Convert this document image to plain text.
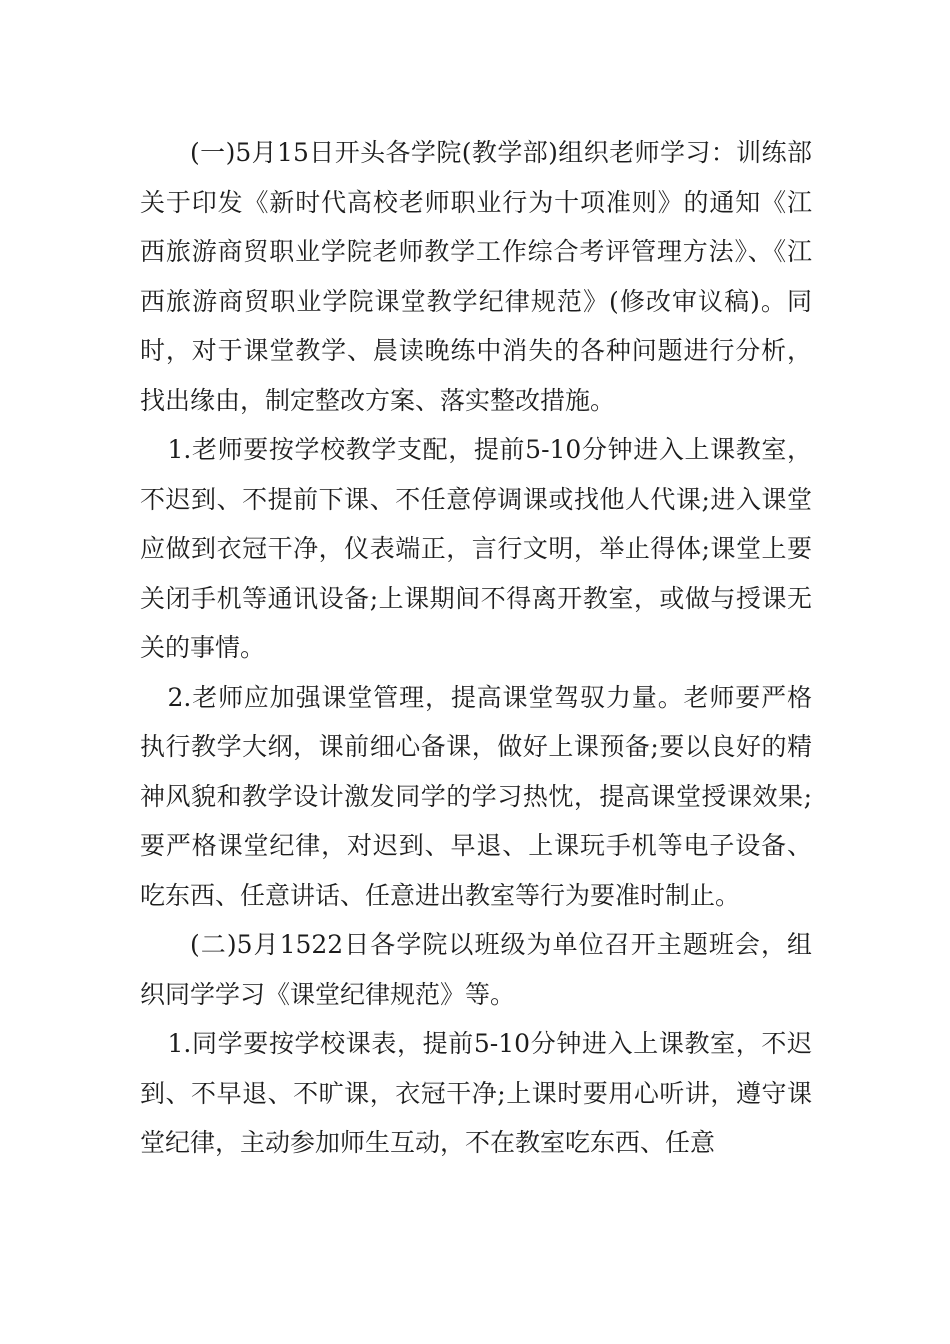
(一)5月15日开头各学院(教学部)组织老师学习：训练部关于印发《新时代高校老师职业行为十项准则》的通知《江西旅游商贸职业学院老师教学工作综合考评管理方法》、《江西旅游商贸职业学院课堂教学纪律规范》(修改审议稿)。同时，对于课堂教学、晨读晚练中消失的各种问题进行分析，找出缘由，制定整改方案、落实整改措施。

1.老师要按学校教学支配，提前5-10分钟进入上课教室，不迟到、不提前下课、不任意停调课或找他人代课;进入课堂应做到衣冠干净，仪表端正，言行文明，举止得体;课堂上要关闭手机等通讯设备;上课期间不得离开教室，或做与授课无关的事情。

2.老师应加强课堂管理，提高课堂驾驭力量。老师要严格执行教学大纲，课前细心备课，做好上课预备;要以良好的精神风貌和教学设计激发同学的学习热忱，提高课堂授课效果;要严格课堂纪律，对迟到、早退、上课玩手机等电子设备、吃东西、任意讲话、任意进出教室等行为要准时制止。

(二)5月1522日各学院以班级为单位召开主题班会，组织同学学习《课堂纪律规范》等。

1.同学要按学校课表，提前5-10分钟进入上课教室，不迟到、不早退、不旷课，衣冠干净;上课时要用心听讲，遵守课堂纪律，主动参加师生互动，不在教室吃东西、任意
